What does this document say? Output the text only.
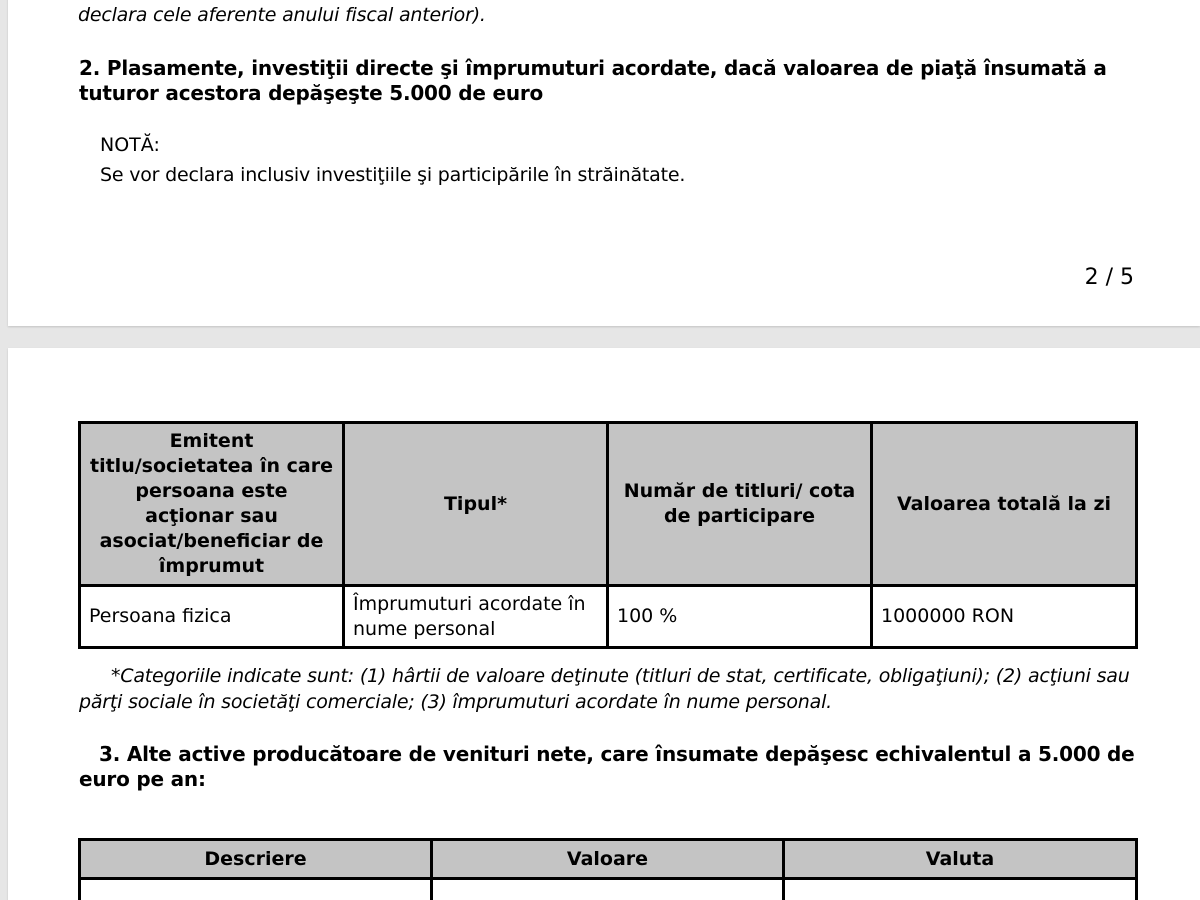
declara cele aferente anului fiscal anterior).
2. Plasamente, investiţii directe şi împrumuturi acordate, dacă valoarea de piaţă însumată a tuturor acestora depăşeşte 5.000 de euro
NOTĂ:
Se vor declara inclusiv investiţiile şi participările în străinătate.
2 / 5
Emitent titlu/societatea în care persoana este acţionar sau asociat/beneficiar de împrumut	Tipul*	Număr de titluri/ cota de participare	Valoarea totală la zi
Persoana fizica	Împrumuturi acordate în nume personal	100 %	1000000 RON
*Categoriile indicate sunt: (1) hârtii de valoare deţinute (titluri de stat, certificate, obligaţiuni); (2) acţiuni sau părţi sociale în societăţi comerciale; (3) împrumuturi acordate în nume personal.
3. Alte active producătoare de venituri nete, care însumate depăşesc echivalentul a 5.000 de euro pe an:
Descriere	Valoare	Valuta
-	-	-
